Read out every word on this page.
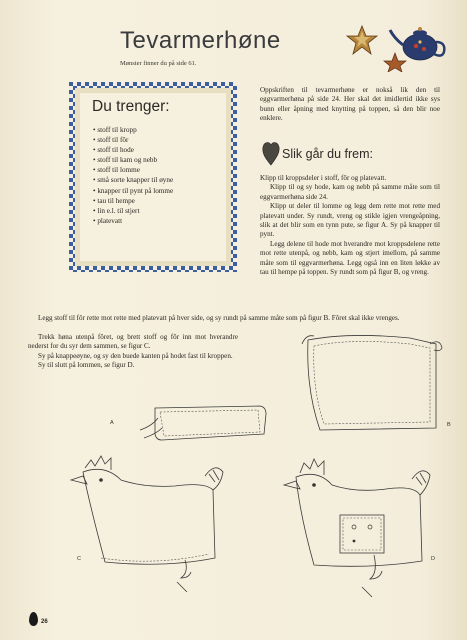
Tevarmerhøne
Mønster finner du på side 61.
Du trenger:
• stoff til kropp
• stoff til fôr
• stoff til hode
• stoff til kam og nebb
• stoff til lomme
• små sorte knapper til øyne
• knapper til pynt på lomme
• tau til hempe
• lin e.l. til stjert
• platevatt

Oppskriften til tevarmerhøne er nokså lik den til eggvarmerhøna på side 24. Her skal det imidlertid ikke sys bunn eller åpning med knytting på toppen, så den blir noe enklere.

Slik går du frem:

Klipp til kroppsdeler i stoff, fôr og platevatt.

Klipp til og sy hode, kam og nebb på samme måte som til eggvarmerhøna side 24.

Klipp ut deler til lomme og legg dem rette mot rette med platevatt under. Sy rundt, vreng og stikle igjen vrengeåpning, slik at det blir som en tynn pute, se figur A. Sy på knapper til pynt.

Legg delene til hode mot hverandre mot kroppsdelene rette mot rette utenpå, og nebb, kam og stjert imellom, på samme måte som til eggvarmerhøna. Legg også inn en liten løkke av tau til hempe på toppen. Sy rundt som på figur B, og vreng.

Legg stoff til fôr rette mot rette med platevatt på hver side, og sy rundt på samme måte som på figur B. Fôret skal ikke vrenges.

Trekk høna utenpå fôret, og brett stoff og fôr inn mot hverandre nederst for du syr dem sammen, se figur C.

Sy på knappeøyne, og sy den buede kanten på hodet fast til kroppen.

Sy til slutt på lommen, se figur D.

A	B
C	D
26
